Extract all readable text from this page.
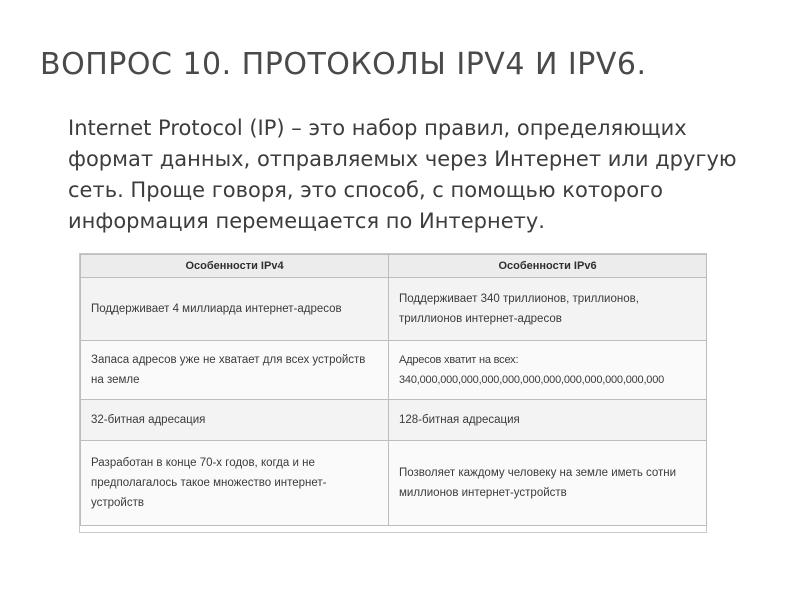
ВОПРОС 10. ПРОТОКОЛЫ IPV4 И IPV6.
Internet Protocol (IP) – это набор правил, определяющих формат данных, отправляемых через Интернет или другую сеть. Проще говоря, это способ, с помощью которого информация перемещается по Интернету.
Особенности IPv4	Особенности IPv6

Поддерживает 4 миллиарда интернет-адресов	Поддерживает 340 триллионов, триллионов,
триллионов интернет-адресов

Запаса адресов уже не хватает для всех устройств
на земле	Адресов хватит на всех:
340,000,000,000,000,000,000,000,000,000,000,000,000

32-битная адресация	128-битная адресация

Разработан в конце 70-х годов, когда и не
предполагалось такое множество интернет-
устройств	Позволяет каждому человеку на земле иметь сотни
миллионов интернет-устройств
